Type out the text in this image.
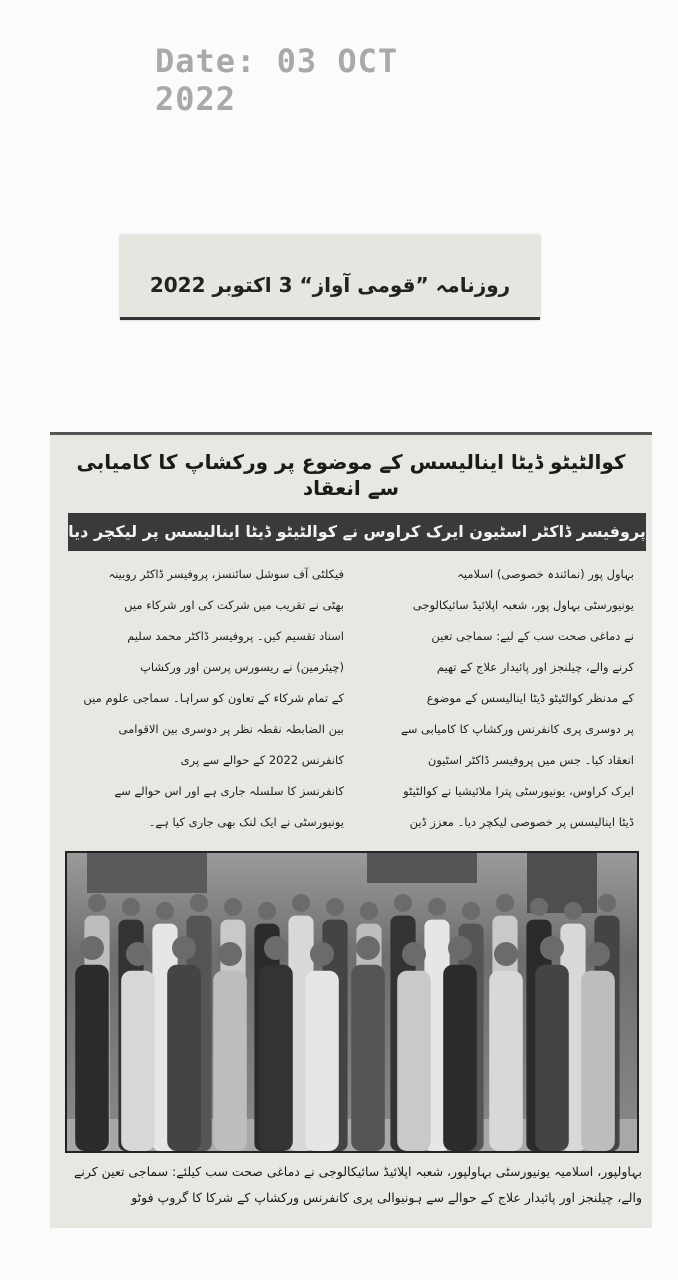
Date: 03 OCT 2022
روزنامہ ”قومی آواز“ 3 اکتوبر 2022
کوالٹیٹو ڈیٹا اینالیسس کے موضوع پر ورکشاپ کا کامیابی سے انعقاد
پروفیسر ڈاکٹر اسٹیون ایرک کراوس نے کوالٹیٹو ڈیٹا اینالیسس پر لیکچر دیا
بہاول پور (نمائندہ خصوصی) اسلامیہ
یونیورسٹی بہاول پور، شعبہ اپلائیڈ سائیکالوجی
نے دماغی صحت سب کے لیے: سماجی تعین
کرنے والے، چیلنجز اور پائیدار علاج کے تھیم
کے مدنظر کوالٹیٹو ڈیٹا اینالیسس کے موضوع
پر دوسری پری کانفرنس ورکشاپ کا کامیابی سے
انعقاد کیا۔ جس میں پروفیسر ڈاکٹر اسٹیون
ایرک کراوس، یونیورسٹی پترا ملائیشیا نے کوالٹیٹو
ڈیٹا اینالیسس پر خصوصی لیکچر دیا۔ معزز ڈین
فیکلٹی آف سوشل سائنسز، پروفیسر ڈاکٹر روبینہ
بھٹی نے تقریب میں شرکت کی اور شرکاء میں
اسناد تقسیم کیں۔ پروفیسر ڈاکٹر محمد سلیم
(چیئرمین) نے ریسورس پرسن اور ورکشاپ
کے تمام شرکاء کے تعاون کو سراہا۔ سماجی علوم میں
بین الضابطہ نقطہ نظر پر دوسری بین الاقوامی
کانفرنس 2022 کے حوالے سے پری
کانفرنسز کا سلسلہ جاری ہے اور اس حوالے سے
یونیورسٹی نے ایک لنک بھی جاری کیا ہے۔
بہاولپور، اسلامیہ یونیورسٹی بہاولپور، شعبہ اپلائیڈ سائیکالوجی نے دماغی صحت سب کیلئے: سماجی تعین کرنے والے، چیلنجز اور پائیدار علاج کے حوالے سے ہونیوالی پری کانفرنس ورکشاپ کے شرکا کا گروپ فوٹو
